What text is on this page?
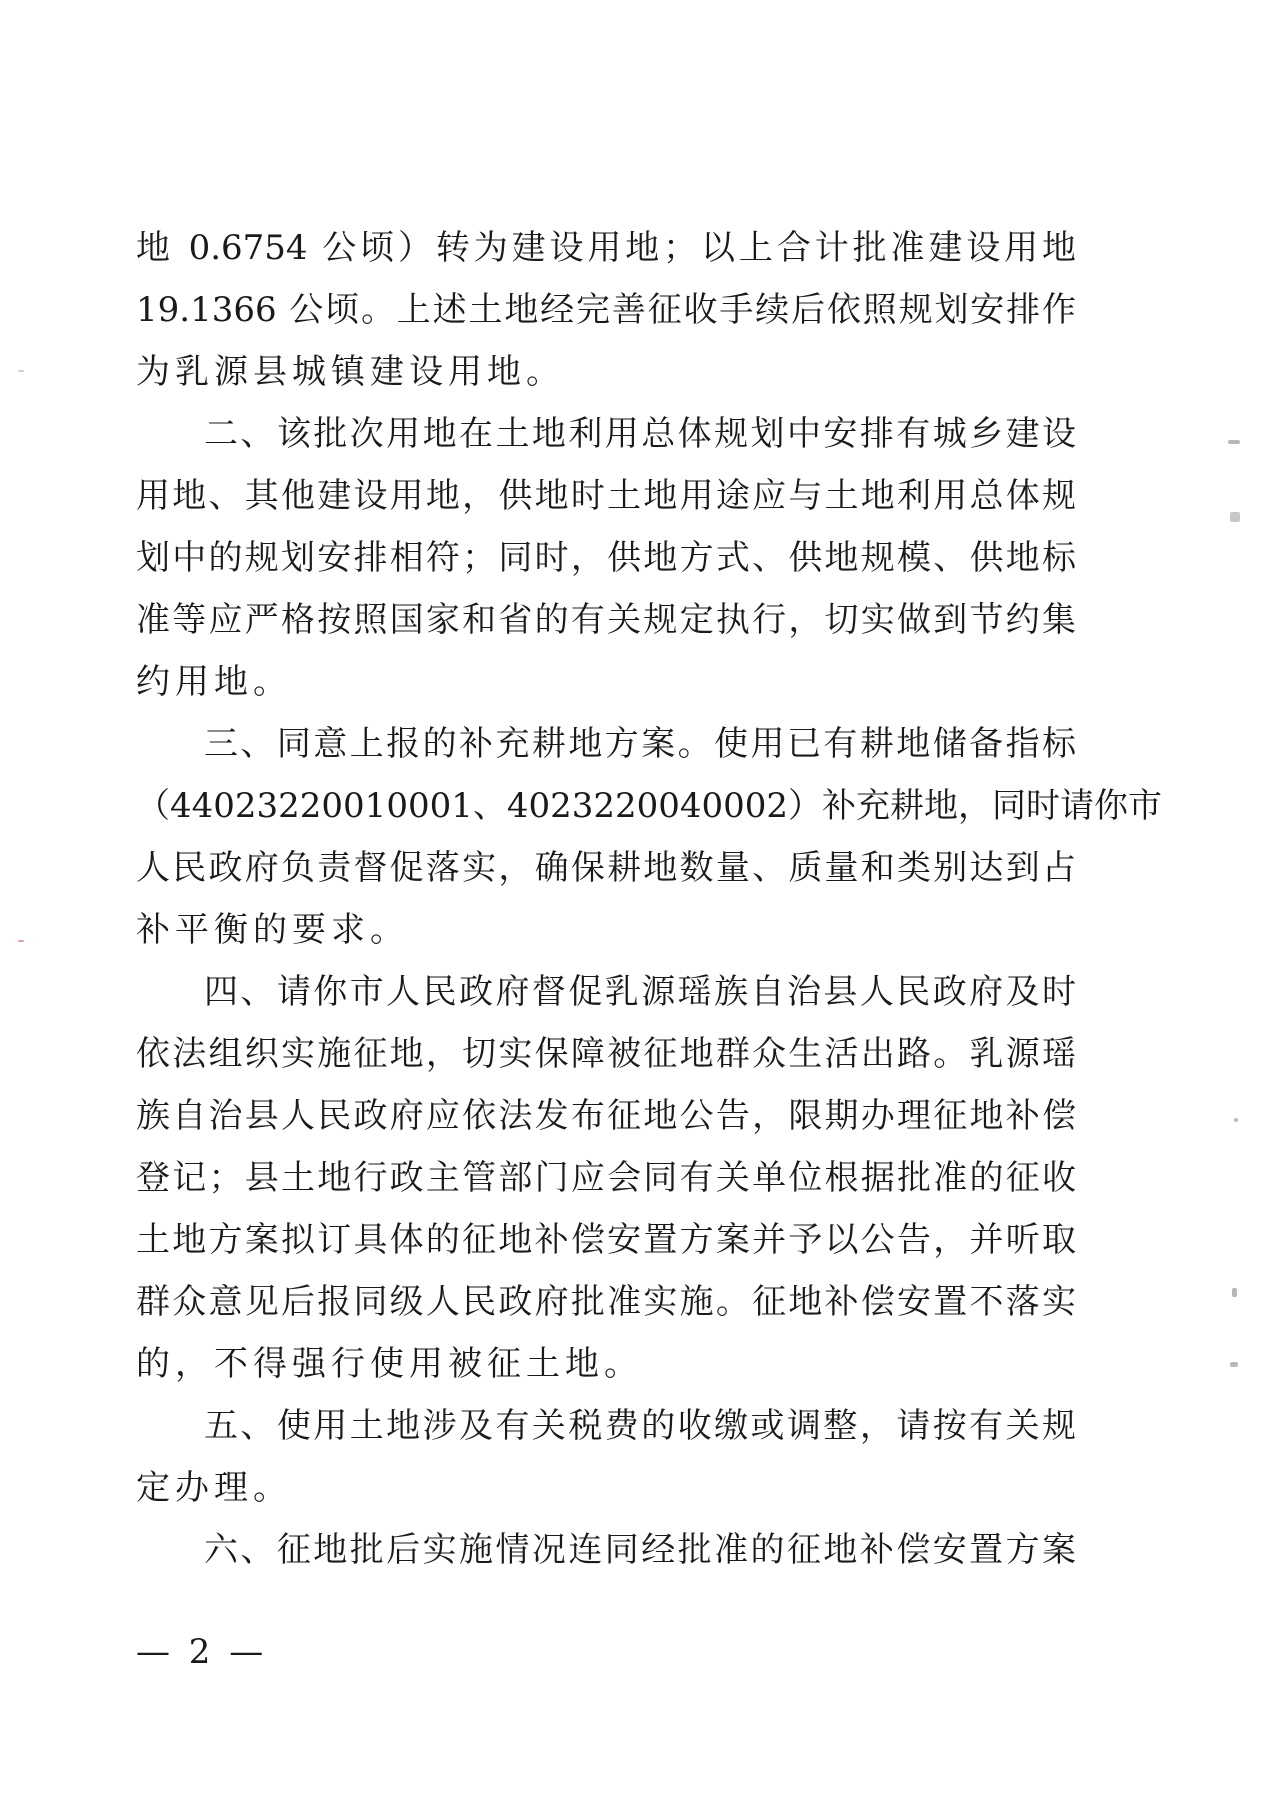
地 0.6754 公顷）转为建设用地；以上合计批准建设用地
19.1366 公顷。上述土地经完善征收手续后依照规划安排作
为乳源县城镇建设用地。
二、该批次用地在土地利用总体规划中安排有城乡建设
用地、其他建设用地，供地时土地用途应与土地利用总体规
划中的规划安排相符；同时，供地方式、供地规模、供地标
准等应严格按照国家和省的有关规定执行，切实做到节约集
约用地。
三、同意上报的补充耕地方案。使用已有耕地储备指标
（44023220010001、4023220040002）补充耕地，同时请你市
人民政府负责督促落实，确保耕地数量、质量和类别达到占
补平衡的要求。
四、请你市人民政府督促乳源瑶族自治县人民政府及时
依法组织实施征地，切实保障被征地群众生活出路。乳源瑶
族自治县人民政府应依法发布征地公告，限期办理征地补偿
登记；县土地行政主管部门应会同有关单位根据批准的征收
土地方案拟订具体的征地补偿安置方案并予以公告，并听取
群众意见后报同级人民政府批准实施。征地补偿安置不落实
的，不得强行使用被征土地。
五、使用土地涉及有关税费的收缴或调整，请按有关规
定办理。
六、征地批后实施情况连同经批准的征地补偿安置方案
— 2 —
